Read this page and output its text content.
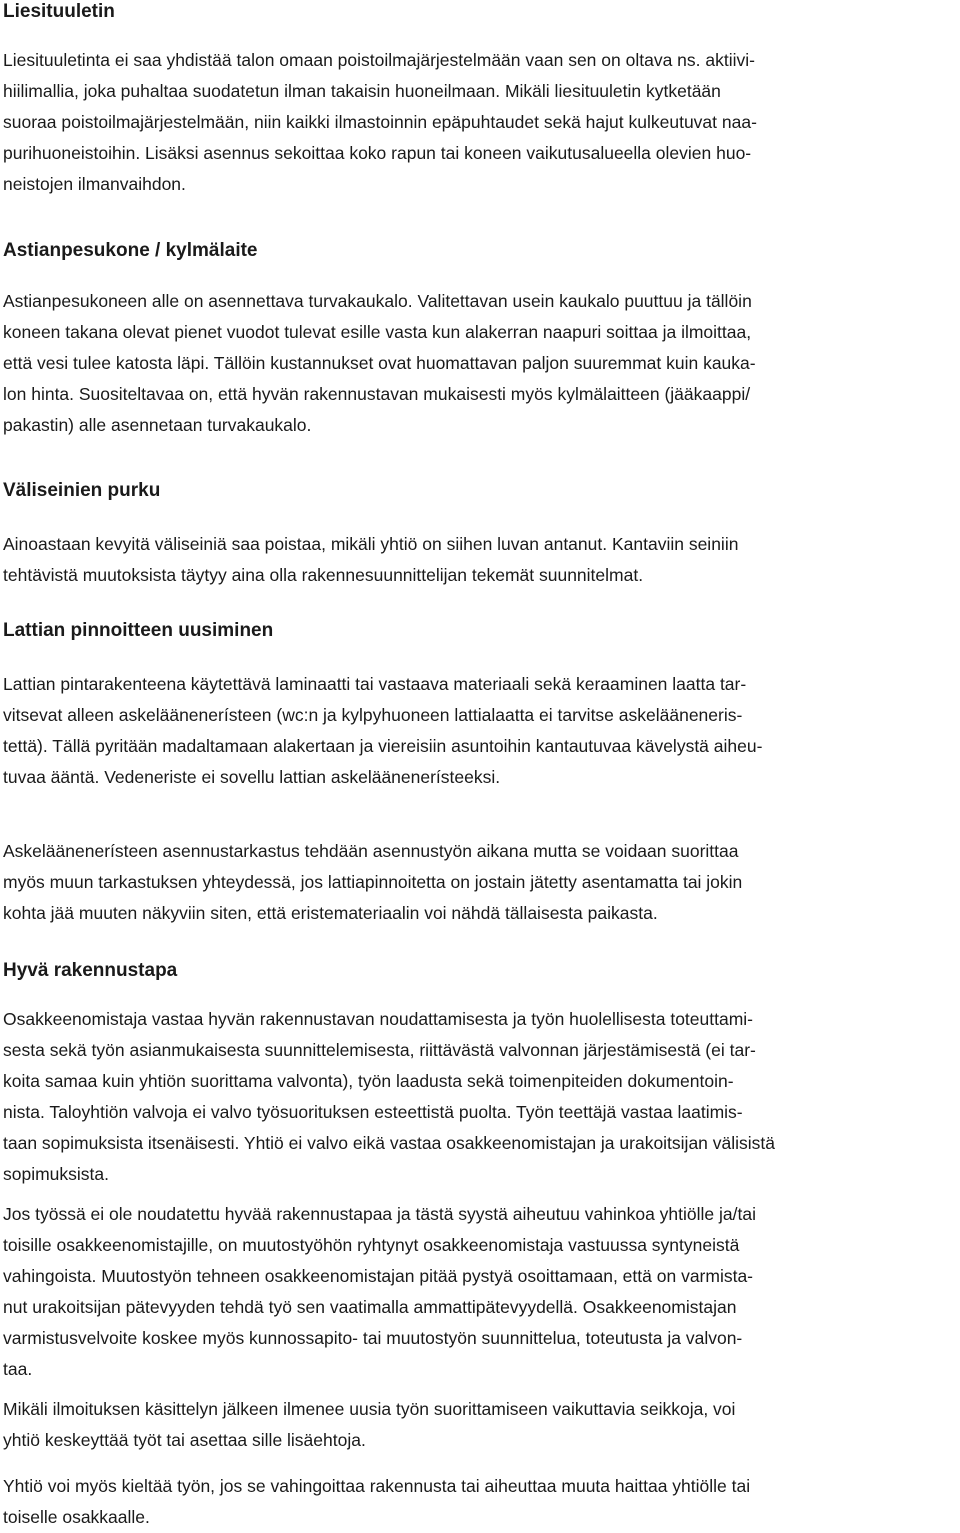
Liesituuletin

Liesituuletinta ei saa yhdistää talon omaan poistoilmajärjestelmään vaan sen on oltava ns. aktiivi-
hiilimallia, joka puhaltaa suodatetun ilman takaisin huoneilmaan. Mikäli liesituuletin kytketään
suoraa poistoilmajärjestelmään, niin kaikki ilmastoinnin epäpuhtaudet sekä hajut kulkeutuvat naa-
purihuoneistoihin. Lisäksi asennus sekoittaa koko rapun tai koneen vaikutusalueella olevien huo-
neistojen ilmanvaihdon.

Astianpesukone / kylmälaite

Astianpesukoneen alle on asennettava turvakaukalo. Valitettavan usein kaukalo puuttuu ja tällöin
koneen takana olevat pienet vuodot tulevat esille vasta kun alakerran naapuri soittaa ja ilmoittaa,
että vesi tulee katosta läpi. Tällöin kustannukset ovat huomattavan paljon suuremmat kuin kauka-
lon hinta. Suositeltavaa on, että hyvän rakennustavan mukaisesti myös kylmälaitteen (jääkaappi/
pakastin) alle asennetaan turvakaukalo.

Väliseinien purku

Ainoastaan kevyitä väliseiniä saa poistaa, mikäli yhtiö on siihen luvan antanut. Kantaviin seiniin
tehtävistä muutoksista täytyy aina olla rakennesuunnittelijan tekemät suunnitelmat.

Lattian pinnoitteen uusiminen

Lattian pintarakenteena käytettävä laminaatti tai vastaava materiaali sekä keraaminen laatta tar-
vitsevat alleen askeläänenerísteen (wc:n ja kylpyhuoneen lattialaatta ei tarvitse askelääneneris-
tettä). Tällä pyritään madaltamaan alakertaan ja viereisiin asuntoihin kantautuvaa kävelystä aiheu-
tuvaa ääntä. Vedeneriste ei sovellu lattian askeläänenerísteeksi.

Askeläänenerísteen asennustarkastus tehdään asennustyön aikana mutta se voidaan suorittaa
myös muun tarkastuksen yhteydessä, jos lattiapinnoitetta on jostain jätetty asentamatta tai jokin
kohta jää muuten näkyviin siten, että eristemateriaalin voi nähdä tällaisesta paikasta.

Hyvä rakennustapa

Osakkeenomistaja vastaa hyvän rakennustavan noudattamisesta ja työn huolellisesta toteuttami-
sesta sekä työn asianmukaisesta suunnittelemisesta, riittävästä valvonnan järjestämisestä (ei tar-
koita samaa kuin yhtiön suorittama valvonta), työn laadusta sekä toimenpiteiden dokumentoin-
nista. Taloyhtiön valvoja ei valvo työsuorituksen esteettistä puolta. Työn teettäjä vastaa laatimis-
taan sopimuksista itsenäisesti. Yhtiö ei valvo eikä vastaa osakkeenomistajan ja urakoitsijan välisistä
sopimuksista.

Jos työssä ei ole noudatettu hyvää rakennustapaa ja tästä syystä aiheutuu vahinkoa yhtiölle ja/tai
toisille osakkeenomistajille, on muutostyöhön ryhtynyt osakkeenomistaja vastuussa syntyneistä
vahingoista. Muutostyön tehneen osakkeenomistajan pitää pystyä osoittamaan, että on varmista-
nut urakoitsijan pätevyyden tehdä työ sen vaatimalla ammattipätevyydellä. Osakkeenomistajan
varmistusvelvoite koskee myös kunnossapito- tai muutostyön suunnittelua, toteutusta ja valvon-
taa.

Mikäli ilmoituksen käsittelyn jälkeen ilmenee uusia työn suorittamiseen vaikuttavia seikkoja, voi
yhtiö keskeyttää työt tai asettaa sille lisäehtoja.

Yhtiö voi myös kieltää työn, jos se vahingoittaa rakennusta tai aiheuttaa muuta haittaa yhtiölle tai
toiselle osakkaalle.
